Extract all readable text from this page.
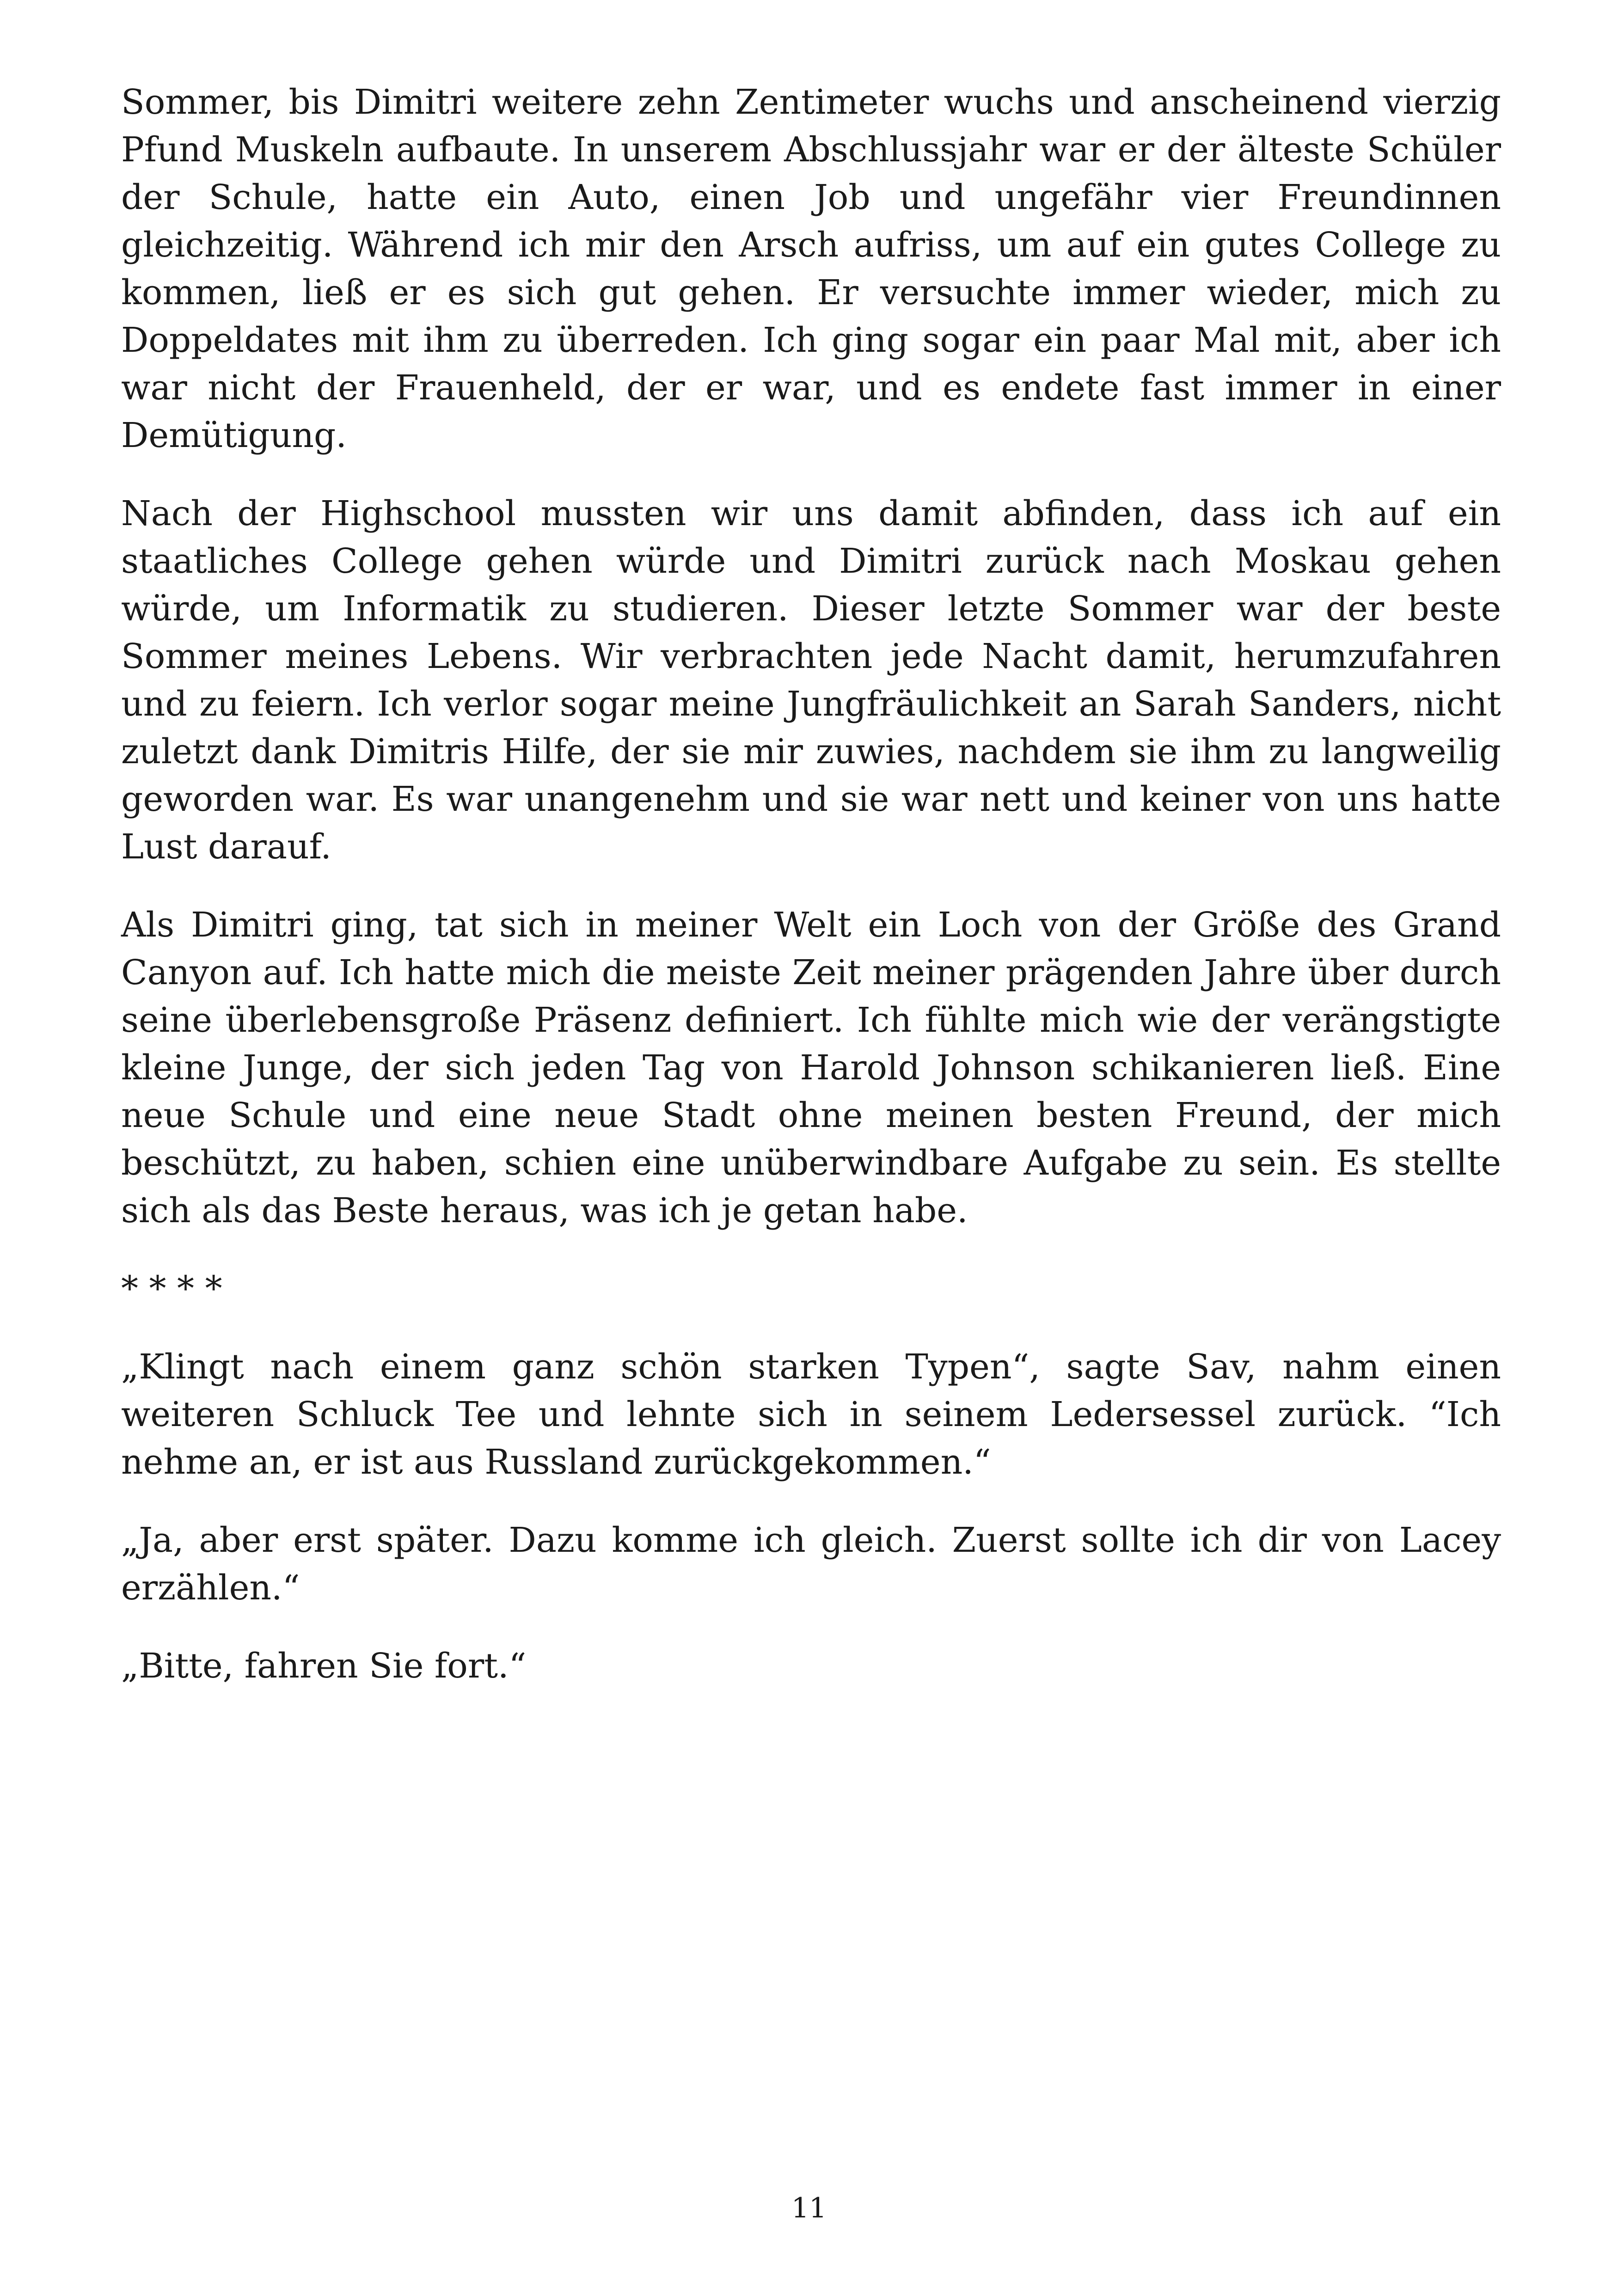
Sommer, bis Dimitri weitere zehn Zentimeter wuchs und anscheinend vierzig Pfund Muskeln aufbaute. In unserem Abschlussjahr war er der älteste Schüler der Schule, hatte ein Auto, einen Job und ungefähr vier Freundinnen gleichzeitig. Während ich mir den Arsch aufriss, um auf ein gutes College zu kommen, ließ er es sich gut gehen. Er versuchte immer wieder, mich zu Doppeldates mit ihm zu überreden. Ich ging sogar ein paar Mal mit, aber ich war nicht der Frauenheld, der er war, und es endete fast immer in einer Demütigung.

Nach der Highschool mussten wir uns damit abfinden, dass ich auf ein staatliches College gehen würde und Dimitri zurück nach Moskau gehen würde, um Informatik zu studieren. Dieser letzte Sommer war der beste Sommer meines Lebens. Wir verbrachten jede Nacht damit, herumzufahren und zu feiern. Ich verlor sogar meine Jungfräulichkeit an Sarah Sanders, nicht zuletzt dank Dimitris Hilfe, der sie mir zuwies, nachdem sie ihm zu langweilig geworden war. Es war unangenehm und sie war nett und keiner von uns hatte Lust darauf.

Als Dimitri ging, tat sich in meiner Welt ein Loch von der Größe des Grand Canyon auf. Ich hatte mich die meiste Zeit meiner prägenden Jahre über durch seine überlebensgroße Präsenz definiert. Ich fühlte mich wie der verängstigte kleine Junge, der sich jeden Tag von Harold Johnson schikanieren ließ. Eine neue Schule und eine neue Stadt ohne meinen besten Freund, der mich beschützt, zu haben, schien eine unüberwindbare Aufgabe zu sein. Es stellte sich als das Beste heraus, was ich je getan habe.

* * * *

„Klingt nach einem ganz schön starken Typen“, sagte Sav, nahm einen weiteren Schluck Tee und lehnte sich in seinem Ledersessel zurück. “Ich nehme an, er ist aus Russland zurückgekommen.“

„Ja, aber erst später. Dazu komme ich gleich. Zuerst sollte ich dir von Lacey erzählen.“

„Bitte, fahren Sie fort.“

11
